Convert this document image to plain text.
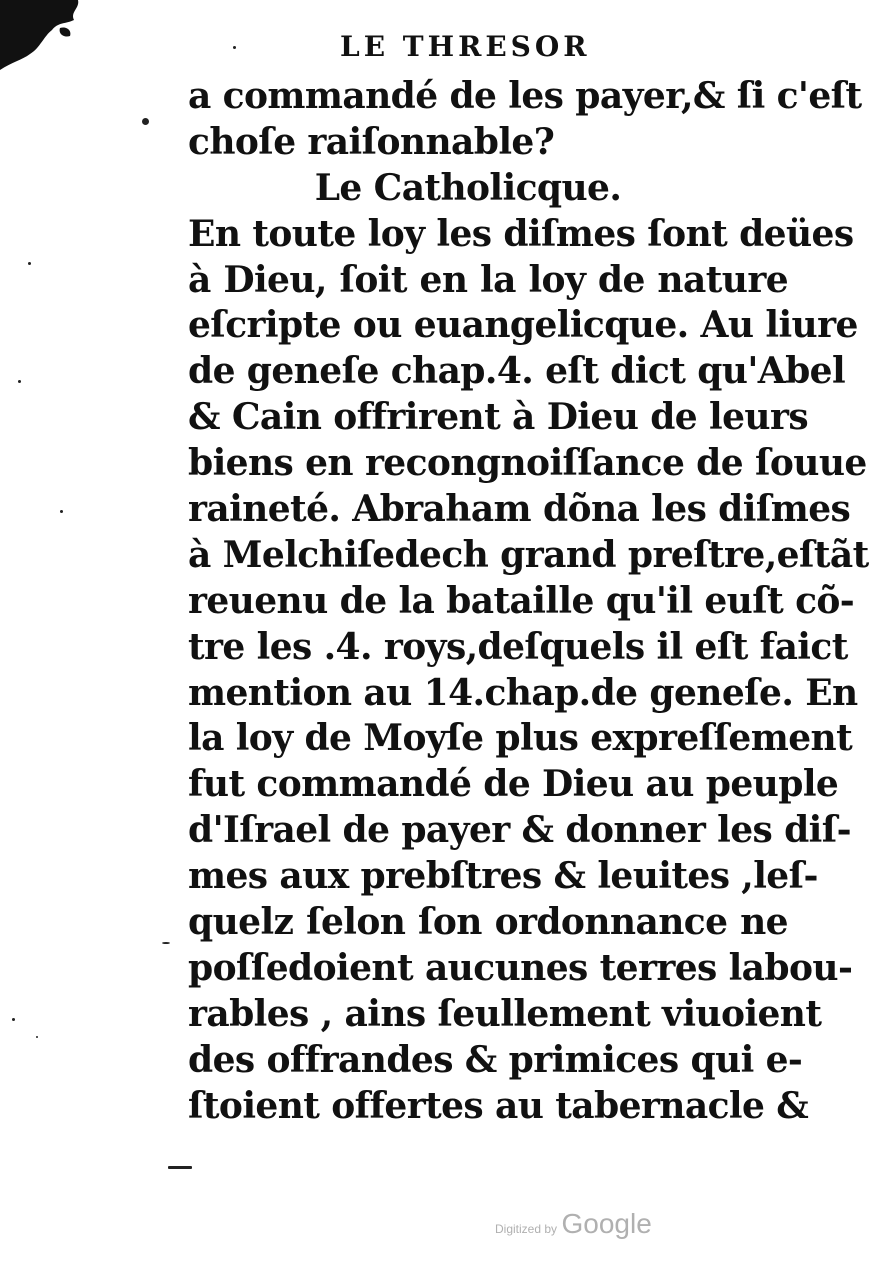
LE THRESOR
a commandé de les payer,& ſi c'eſt
choſe raiſonnable?
Le Catholicque.
En toute loy les diſmes ſont deües
à Dieu, ſoit en la loy de nature
eſcripte ou euangelicque. Au liure
de geneſe chap.4. eſt dict qu'Abel
& Cain offrirent à Dieu de leurs
biens en recongnoiſſance de ſouue
raineté. Abraham dõna les diſmes
à Melchiſedech grand preſtre,eſtãt
reuenu de la bataille qu'il euſt cõ-
tre les .4. roys,deſquels il eſt faict
mention au 14.chap.de geneſe. En
la loy de Moyſe plus expreſſement
fut commandé de Dieu au peuple
d'Iſrael de payer & donner les diſ-
mes aux prebſtres & leuites ,leſ-
quelz ſelon ſon ordonnance ne
poſſedoient aucunes terres labou-
rables , ains ſeullement viuoient
des offrandes & primices qui e-
ſtoient offertes au tabernacle &
Digitized by Google
